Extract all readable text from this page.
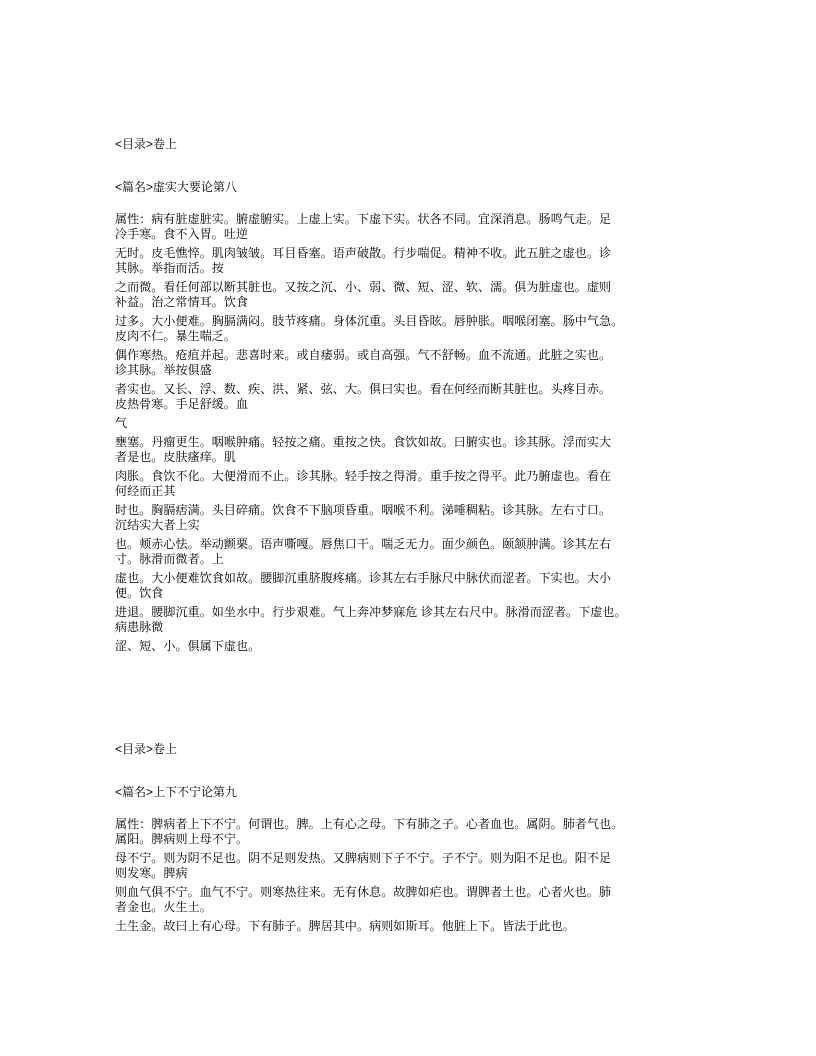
<目录>卷上
<篇名>虚实大要论第八
属性：病有脏虚脏实。腑虚腑实。上虚上实。下虚下实。状各不同。宜深消息。肠鸣气走。足
冷手寒。食不入胃。吐逆
无时。皮毛憔悴。肌肉皱皱。耳目昏塞。语声破散。行步喘促。精神不收。此五脏之虚也。诊
其脉。举指而活。按
之而微。看任何部以断其脏也。又按之沉、小、弱、微、短、涩、软、濡。俱为脏虚也。虚则
补益。治之常情耳。饮食
过多。大小便难。胸膈满闷。肢节疼痛。身体沉重。头目昏眩。唇肿胀。咽喉闭塞。肠中气急。
皮肉不仁。暴生喘乏。
偶作寒热。疮疽并起。悲喜时来。或自痿弱。或自高强。气不舒畅。血不流通。此脏之实也。
诊其脉。举按俱盛
者实也。又长、浮、数、疾、洪、紧、弦、大。俱曰实也。看在何经而断其脏也。头疼目赤。
皮热骨寒。手足舒缓。血
气
壅塞。丹瘤更生。咽喉肿痛。轻按之痛。重按之快。食饮如故。曰腑实也。诊其脉。浮而实大
者是也。皮肤瘙痒。肌
肉胀。食饮不化。大便滑而不止。诊其脉。轻手按之得滑。重手按之得平。此乃腑虚也。看在
何经而正其
时也。胸膈痞满。头目碎痛。饮食不下脑项昏重。咽喉不利。涕唾稠粘。诊其脉。左右寸口。
沉结实大者上实
也。颊赤心怯。举动颤栗。语声嘶嘎。唇焦口干。喘乏无力。面少颜色。颐颔肿满。诊其左右
寸。脉滑而微者。上
虚也。大小便难饮食如故。腰脚沉重脐腹疼痛。诊其左右手脉尺中脉伏而涩者。下实也。大小
便。饮食
进退。腰脚沉重。如坐水中。行步艰难。气上奔冲梦寐危 诊其左右尺中。脉滑而涩者。下虚也。
病患脉微
涩、短、小。俱属下虚也。
<目录>卷上
<篇名>上下不宁论第九
属性：脾病者上下不宁。何谓也。脾。上有心之母。下有肺之子。心者血也。属阴。肺者气也。
属阳。脾病则上母不宁。
母不宁。则为阴不足也。阴不足则发热。又脾病则下子不宁。子不宁。则为阳不足也。阳不足
则发寒。脾病
则血气俱不宁。血气不宁。则寒热往来。无有休息。故脾如疟也。谓脾者土也。心者火也。肺
者金也。火生土。
土生金。故曰上有心母。下有肺子。脾居其中。病则如斯耳。他脏上下。皆法于此也。
